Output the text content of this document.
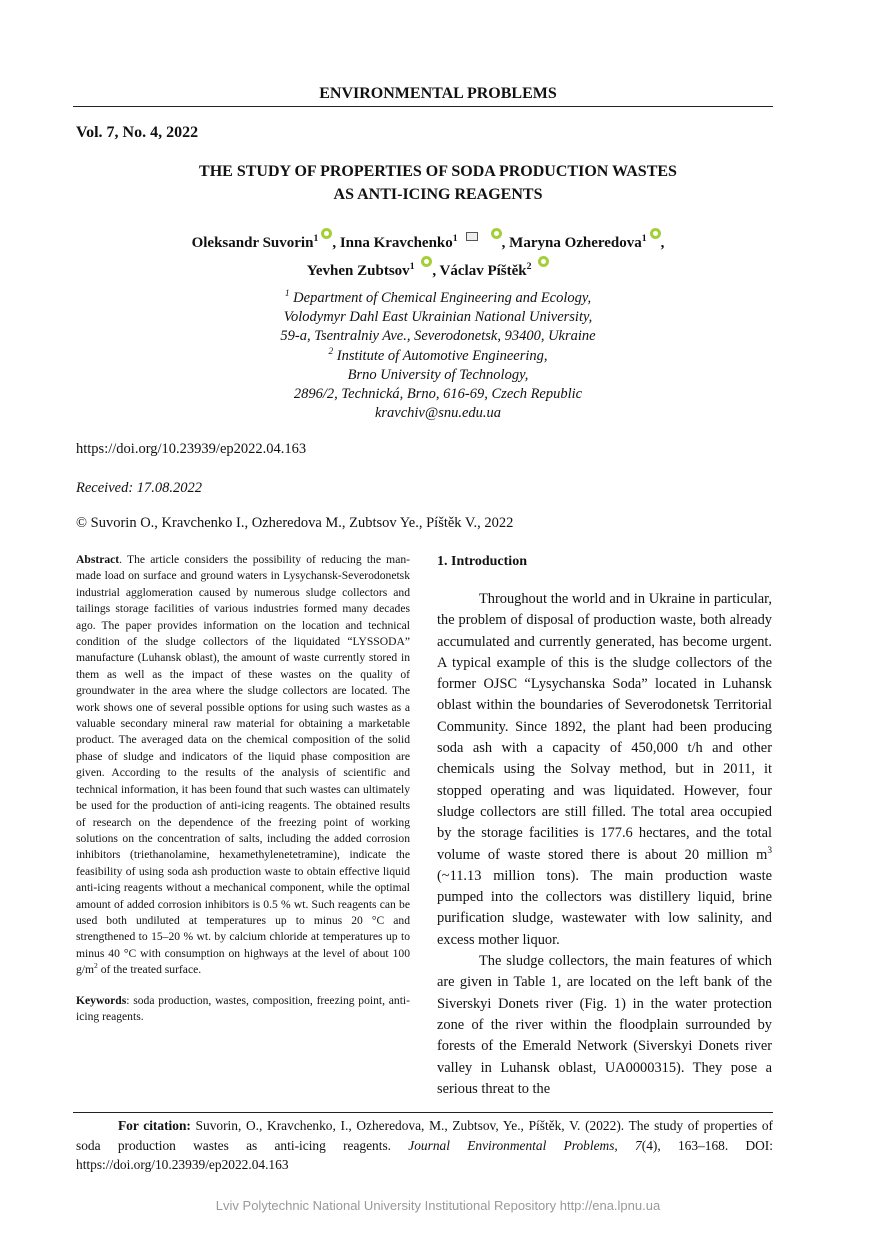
ENVIRONMENTAL PROBLEMS
Vol. 7, No. 4, 2022
THE STUDY OF PROPERTIES OF SODA PRODUCTION WASTES
AS ANTI-ICING REAGENTS
Oleksandr Suvorin$^1$ , Inna Kravchenko$^1$	, Maryna Ozheredova$^1$ ,
Yevhen Zubtsov$^1$ , Václav Píštěk$^2$
$^1$ Department of Chemical Engineering and Ecology,
Volodymyr Dahl East Ukrainian National University,
59-a, Tsentralniy Ave., Severodonetsk, 93400, Ukraine
$^2$ Institute of Automotive Engineering,
Brno University of Technology,
2896/2, Technická, Brno, 616-69, Czech Republic
kravchiv@snu.edu.ua
https://doi.org/10.23939/ep2022.04.163
Received: 17.08.2022
© Suvorin O., Kravchenko I., Ozheredova M., Zubtsov Ye., Píštěk V., 2022
Abstract. The article considers the possibility of reducing the man-made load on surface and ground waters in Lysychansk-Severodonetsk industrial agglomeration caused by numerous sludge collectors and tailings storage facilities of various industries formed many decades ago. The paper provides information on the location and technical condition of the sludge collectors of the liquidated “LYSSODA” manufacture (Luhansk oblast), the amount of waste currently stored in them as well as the impact of these wastes on the quality of groundwater in the area where the sludge collectors are located. The work shows one of several possible options for using such wastes as a valuable secondary mineral raw material for obtaining a marketable product. The averaged data on the chemical composition of the solid phase of sludge and indicators of the liquid phase composition are given. According to the results of the analysis of scientific and technical information, it has been found that such wastes can ultimately be used for the production of anti-icing reagents. The obtained results of research on the dependence of the freezing point of working solutions on the concentration of salts, including the added corrosion inhibitors (triethanolamine, hexamethylenetetramine), indicate the feasibility of using soda ash production waste to obtain effective liquid anti-icing reagents without a mechanical component, while the optimal amount of added corrosion inhibitors is 0.5 % wt. Such reagents can be used both undiluted at temperatures up to minus 20 °C and strengthened to 15–20 % wt. by calcium chloride at temperatures up to minus 40 °C with consumption on highways at the level of about 100 $g/m^2$ of the treated surface.
Keywords: soda production, wastes, composition, freezing point, anti-icing reagents.
1. Introduction

Throughout the world and in Ukraine in particular, the problem of disposal of production waste, both already accumulated and currently generated, has become urgent. A typical example of this is the sludge collectors of the former OJSC “Lysychanska Soda” located in Luhansk oblast within the boundaries of Severodonetsk Territorial Community. Since 1892, the plant had been producing soda ash with a capacity of 450,000 t/h and other chemicals using the Solvay method, but in 2011, it stopped operating and was liquidated. However, four sludge collectors are still filled. The total area occupied by the storage facilities is 177.6 hectares, and the total volume of waste stored there is about 20 million $m^3$ (~11.13 million tons). The main production waste pumped into the collectors was distillery liquid, brine purification sludge, wastewater with low salinity, and excess mother liquor.

The sludge collectors, the main features of which are given in Table 1, are located on the left bank of the Siverskyi Donets river (Fig. 1) in the water protection zone of the river within the floodplain surrounded by forests of the Emerald Network (Siverskyi Donets river valley in Luhansk oblast, UA0000315). They pose a serious threat to the

For citation: Suvorin, O., Kravchenko, I., Ozheredova, M., Zubtsov, Ye., Píštěk, V. (2022). The study of properties of soda production wastes as anti-icing reagents. Journal Environmental Problems, 7(4), 163–168. DOI: https://doi.org/10.23939/ep2022.04.163
Lviv Polytechnic National University Institutional Repository http://ena.lpnu.ua
